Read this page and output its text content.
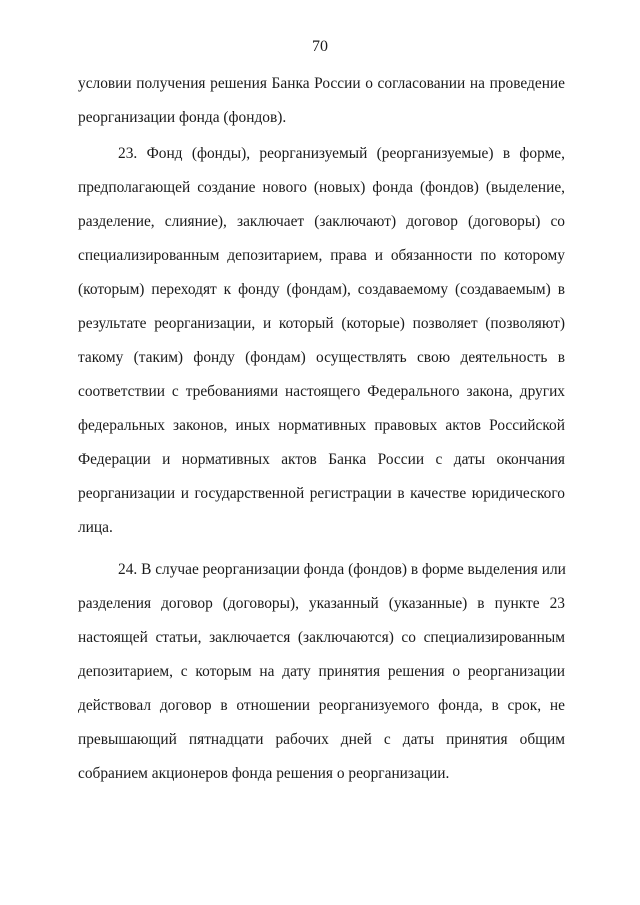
70
условии получения решения Банка России о согласовании на проведение
реорганизации фонда (фондов).
23. Фонд (фонды), реорганизуемый (реорганизуемые) в форме,
предполагающей создание нового (новых) фонда (фондов) (выделение,
разделение, слияние), заключает (заключают) договор (договоры) со
специализированным депозитарием, права и обязанности по которому
(которым) переходят к фонду (фондам), создаваемому (создаваемым) в
результате реорганизации, и который (которые) позволяет (позволяют)
такому (таким) фонду (фондам) осуществлять свою деятельность в
соответствии с требованиями настоящего Федерального закона, других
федеральных законов, иных нормативных правовых актов Российской
Федерации и нормативных актов Банка России с даты окончания
реорганизации и государственной регистрации в качестве юридического
лица.
24. В случае реорганизации фонда (фондов) в форме выделения или
разделения договор (договоры), указанный (указанные) в пункте 23
настоящей статьи, заключается (заключаются) со специализированным
депозитарием, с которым на дату принятия решения о реорганизации
действовал договор в отношении реорганизуемого фонда, в срок, не
превышающий пятнадцати рабочих дней с даты принятия общим
собранием акционеров фонда решения о реорганизации.
